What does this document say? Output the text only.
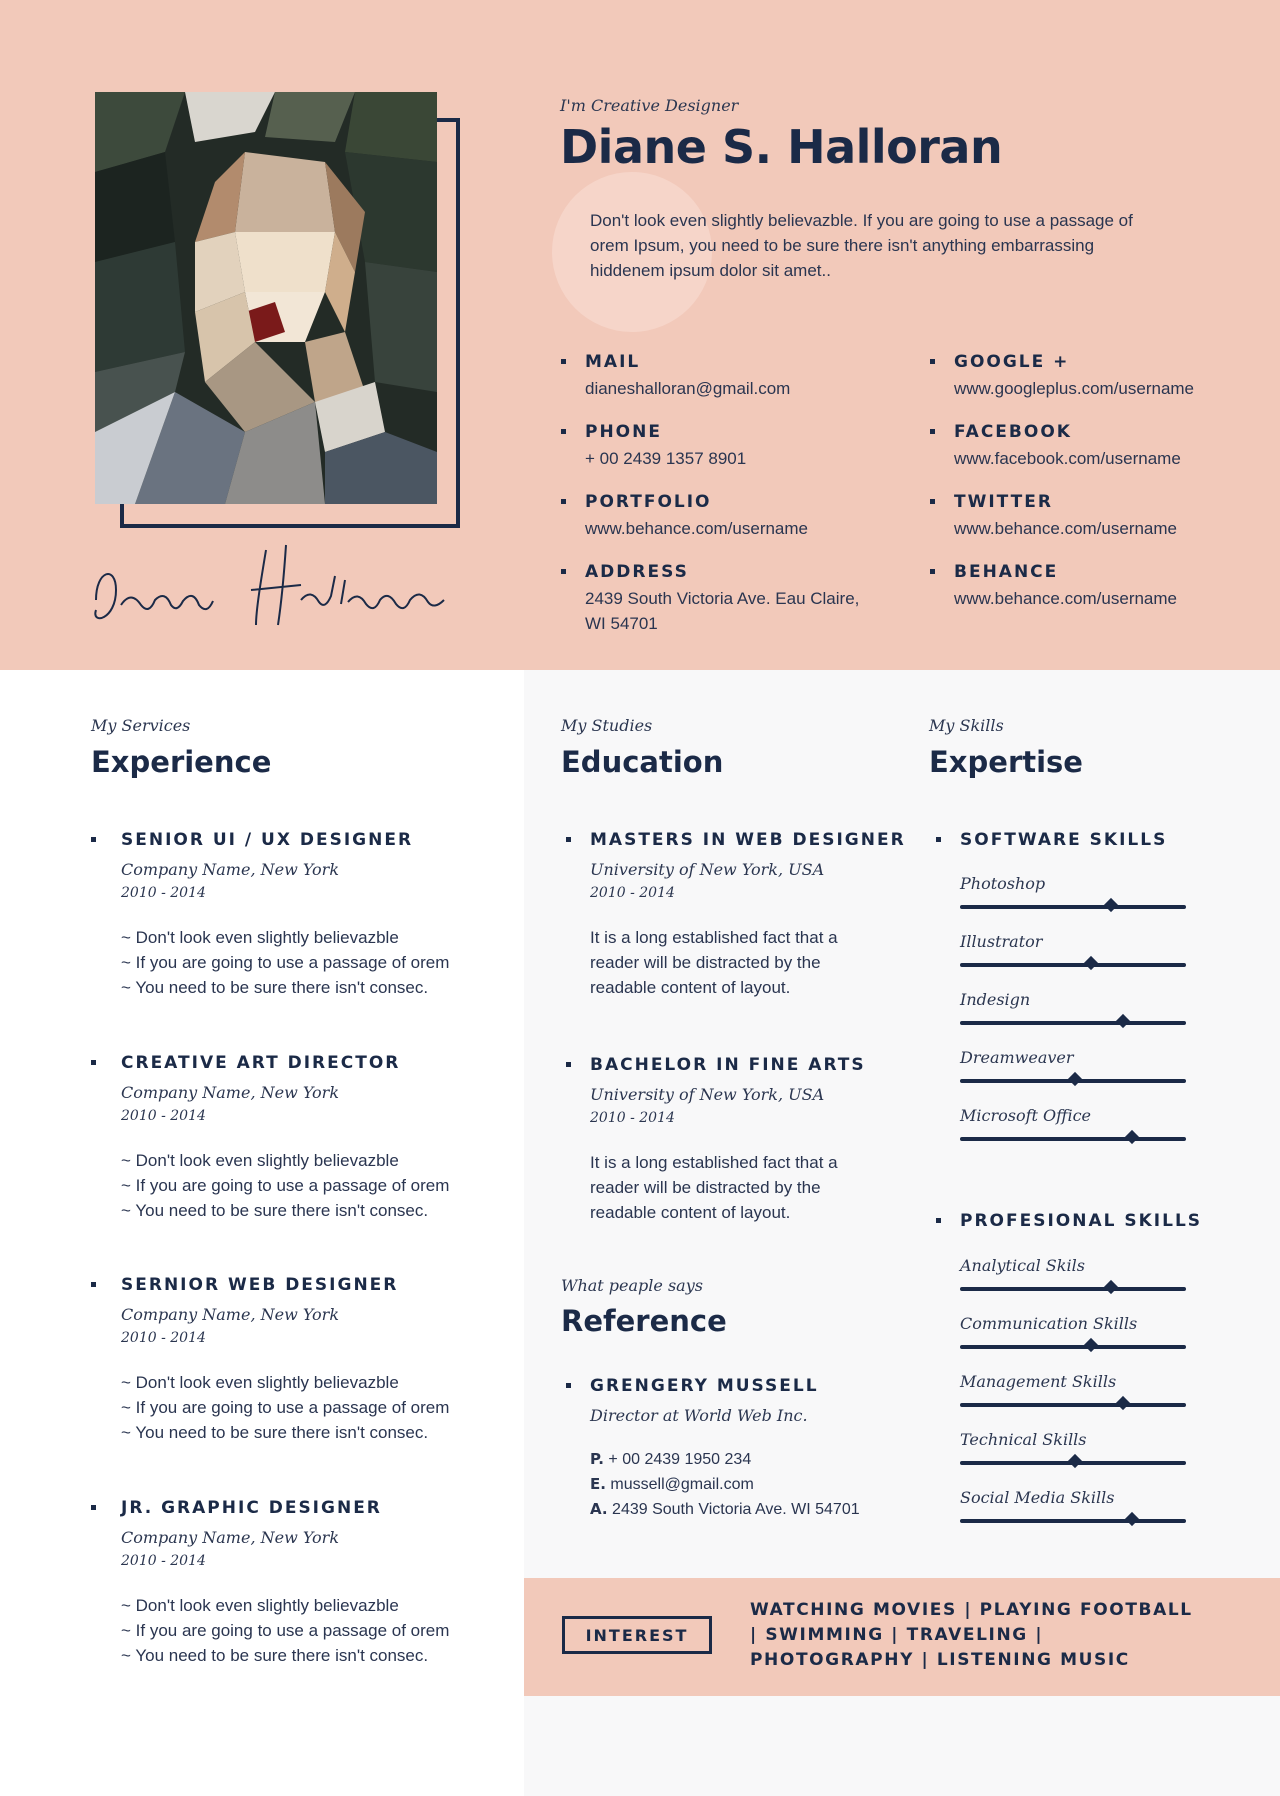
I'm Creative Designer
Diane S. Halloran
Don't look even slightly believazble. If you are going to use a passage of orem Ipsum, you need to be sure there isn't anything embarrassing hiddenem ipsum dolor sit amet..
MAIL
dianeshalloran@gmail.com
PHONE
+ 00 2439 1357 8901
PORTFOLIO
www.behance.com/username
ADDRESS
2439 South Victoria Ave. Eau Claire,
WI 54701
GOOGLE +
www.googleplus.com/username
FACEBOOK
www.facebook.com/username
TWITTER
www.behance.com/username
BEHANCE
www.behance.com/username
My Services
Experience
SENIOR UI / UX DESIGNER
Company Name, New York
2010 - 2014
~ Don't look even slightly believazble
~ If you are going to use a passage of orem
~ You need to be sure there isn't consec.
CREATIVE ART DIRECTOR
Company Name, New York
2010 - 2014
~ Don't look even slightly believazble
~ If you are going to use a passage of orem
~ You need to be sure there isn't consec.
SERNIOR WEB DESIGNER
Company Name, New York
2010 - 2014
~ Don't look even slightly believazble
~ If you are going to use a passage of orem
~ You need to be sure there isn't consec.
JR. GRAPHIC DESIGNER
Company Name, New York
2010 - 2014
~ Don't look even slightly believazble
~ If you are going to use a passage of orem
~ You need to be sure there isn't consec.
My Studies
Education
MASTERS IN WEB DESIGNER
University of New York, USA
2010 - 2014
It is a long established fact that a
reader will be distracted by the
readable content of layout.
BACHELOR IN FINE ARTS
University of New York, USA
2010 - 2014
It is a long established fact that a
reader will be distracted by the
readable content of layout.
What peaple says
Reference
GRENGERY MUSSELL
Director at World Web Inc.
P. + 00 2439 1950 234
E. mussell@gmail.com
A. 2439 South Victoria Ave. WI 54701
My Skills
Expertise
SOFTWARE SKILLS
Photoshop
Illustrator
Indesign
Dreamweaver
Microsoft Office
PROFESIONAL SKILLS
Analytical Skils
Communication Skills
Management Skills
Technical Skills
Social Media Skills
INTEREST
WATCHING MOVIES | PLAYING FOOTBALL | SWIMMING | TRAVELING | PHOTOGRAPHY | LISTENING MUSIC
